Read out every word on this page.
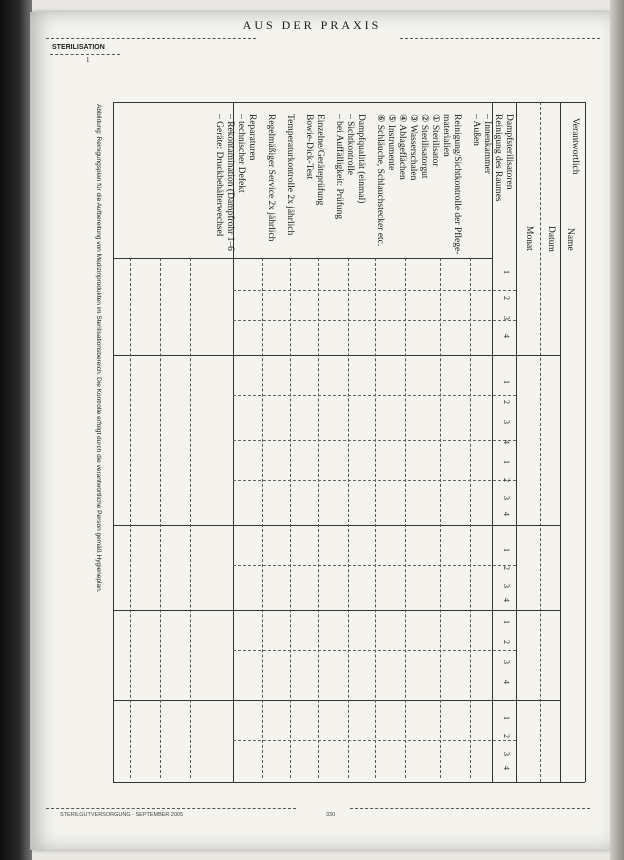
AUS DER PRAXIS
STERILISATION
1
Verantwortlich
Name
Datum
Monat
Dampfsterilisatoren
Reinigung des Raumes
– Innenkammer
– Außen
Reinigung/Sichtkontrolle der Pflege-
materialien
① Sterilisator
② Sterilisatorgut
③ Wasserschalen
④ Ablageflächen
⑤ Instrumente
⑥ Schläuche, Schlauchstecker etc.
Dampfqualität (einmal)
– Sichtkontrolle
– bei Auffälligkeit: Prüfung
Einzelne/Geräteprüfung
Bowie-Dick-Test
Temperaturkontrolle 2x jährlich
Regelmäßiger Service 2x jährlich
Reparaturen
– technischer Defekt
– Rekontamination (Dampfrohr 1–6
– Geräte: Druckbehälterwechsel
1
2
3
4
1
2
3
4
1
2
3
4
1
2
3
4
1
2
3
4
1
2
3
4
Abbildung: Reinigungsplan für die Aufbereitung von Medizinprodukten im Sterilisationsbereich. Die Kontrolle erfolgt durch die verantwortliche Person gemäß Hygieneplan.
STERILGUTVERSORGUNG · SEPTEMBER 2005	330
